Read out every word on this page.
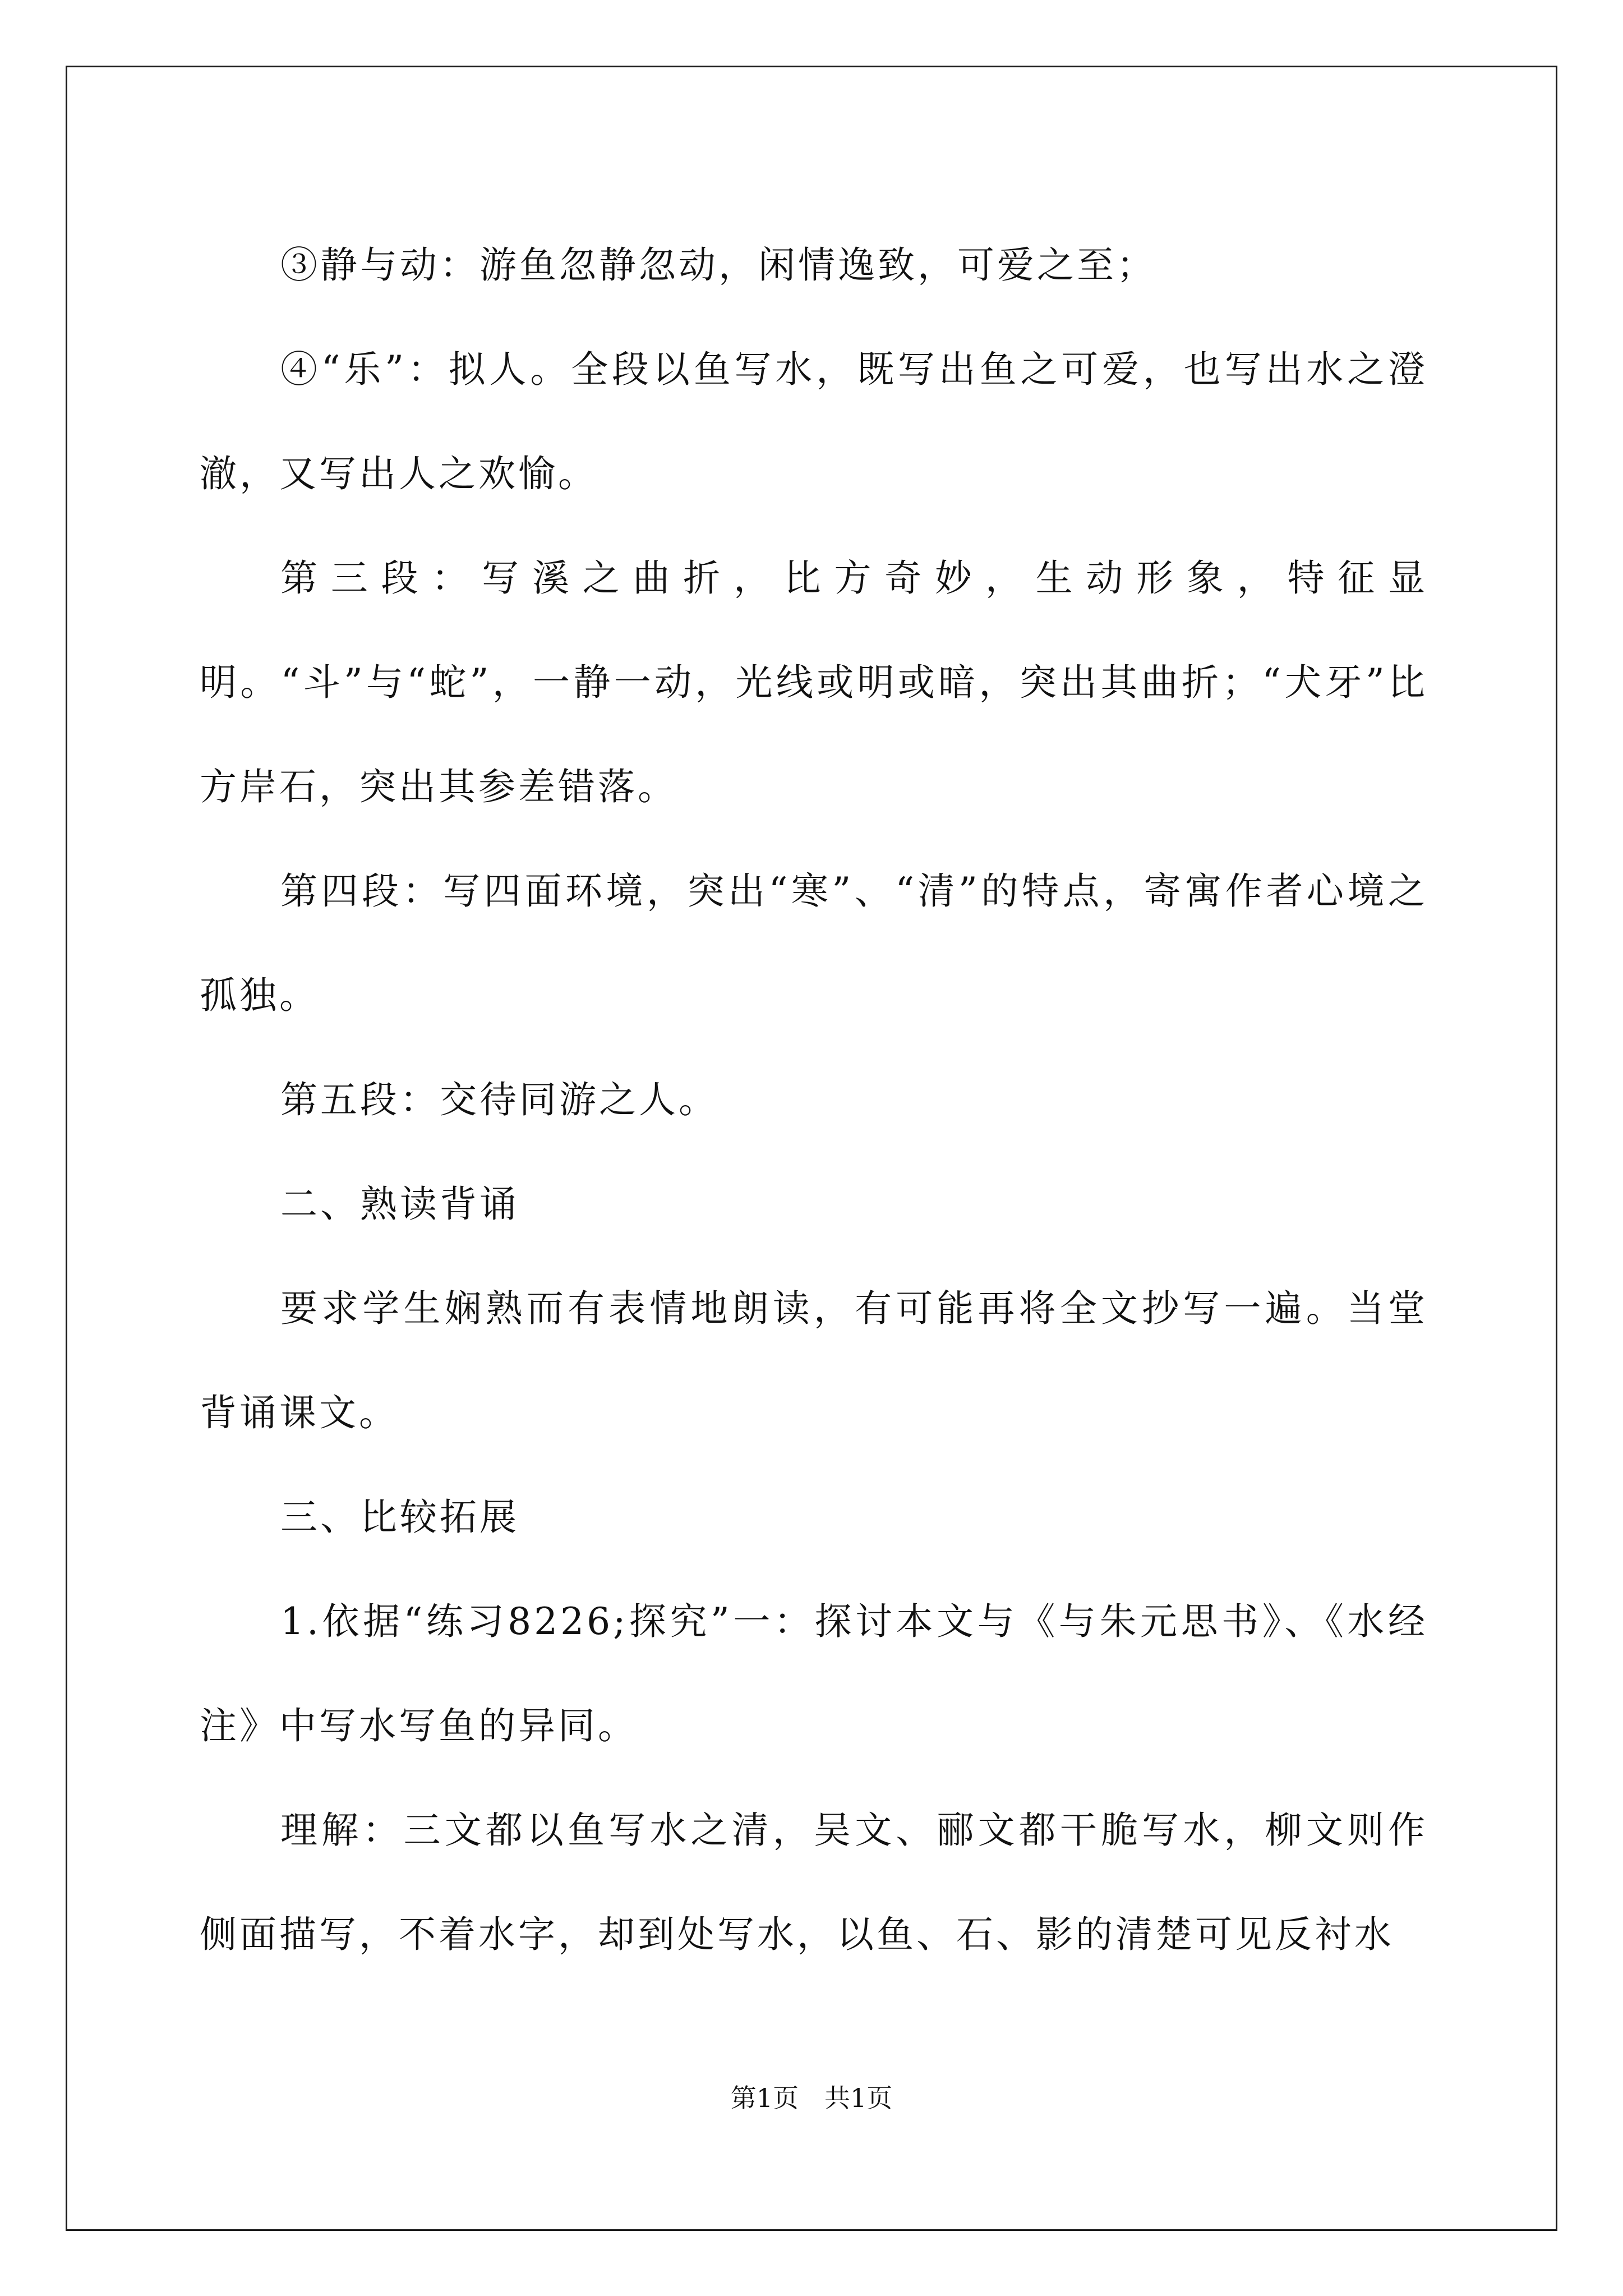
③静与动：游鱼忽静忽动，闲情逸致，可爱之至；

④“乐”：拟人。全段以鱼写水，既写出鱼之可爱，也写出水之澄澈，又写出人之欢愉。

第三段：写溪之曲折，比方奇妙，生动形象，特征显明。“斗”与“蛇”，一静一动，光线或明或暗，突出其曲折；“犬牙”比方岸石，突出其参差错落。

第四段：写四面环境，突出“寒”、“清”的特点，寄寓作者心境之孤独。

第五段：交待同游之人。

二、熟读背诵

要求学生娴熟而有表情地朗读，有可能再将全文抄写一遍。当堂背诵课文。

三、比较拓展

1.依据“练习8226;探究”一：探讨本文与《与朱元思书》、《水经注》中写水写鱼的异同。

理解：三文都以鱼写水之清，吴文、郦文都干脆写水，柳文则作侧面描写，不着水字，却到处写水，以鱼、石、影的清楚可见反衬水

第1页　共1页
